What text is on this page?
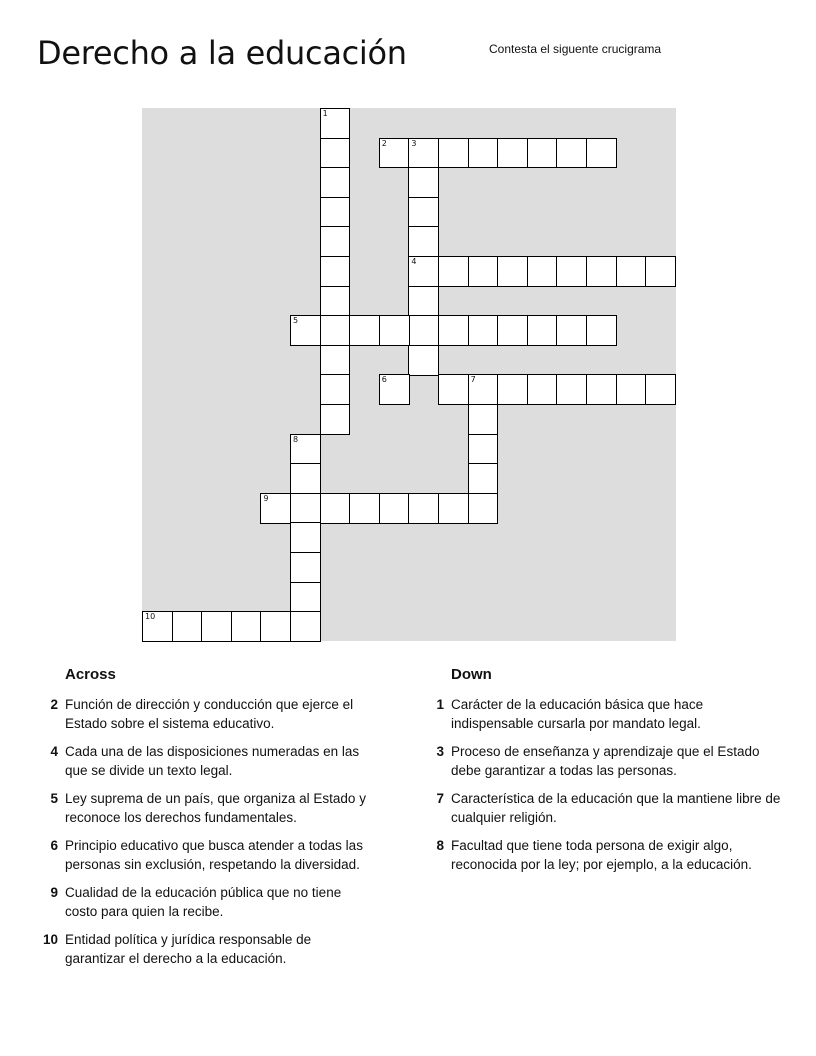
Derecho a la educación	Contesta el siguente crucigrama
1
2	3
4
5
6	7
8
9
10
Across
2 Función de dirección y conducción que ejerce el Estado sobre el sistema educativo.
4 Cada una de las disposiciones numeradas en las que se divide un texto legal.
5 Ley suprema de un país, que organiza al Estado y reconoce los derechos fundamentales.
6 Principio educativo que busca atender a todas las personas sin exclusión, respetando la diversidad.
9 Cualidad de la educación pública que no tiene costo para quien la recibe.
10 Entidad política y jurídica responsable de garantizar el derecho a la educación.
Down
1 Carácter de la educación básica que hace indispensable cursarla por mandato legal.
3 Proceso de enseñanza y aprendizaje que el Estado debe garantizar a todas las personas.
7 Característica de la educación que la mantiene libre de cualquier religión.
8 Facultad que tiene toda persona de exigir algo, reconocida por la ley; por ejemplo, a la educación.
